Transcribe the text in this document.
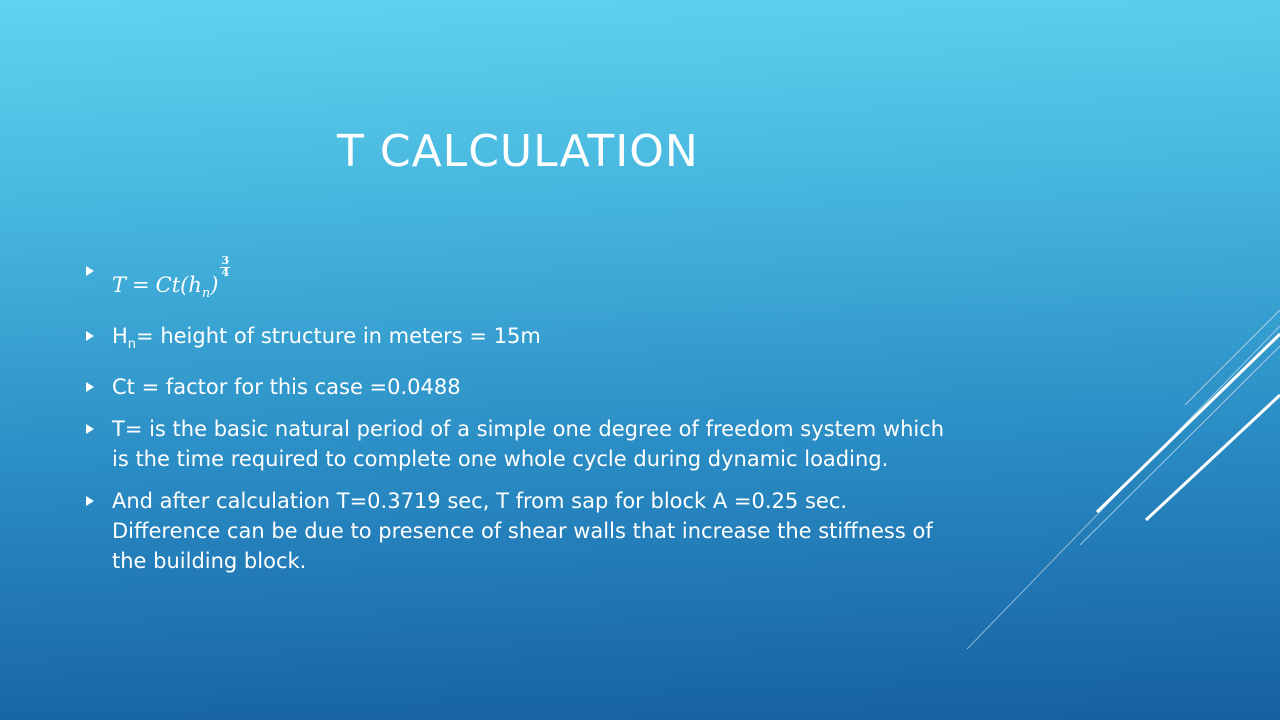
T CALCULATION
$T = Ct(h_n)$
$\frac{3}{4}$
$H_n=$ height of structure in meters = 15m
Ct = factor for this case =0.0488
T= is the basic natural period of a simple one degree of freedom system which is the time required to complete one whole cycle during dynamic loading.
And after calculation T=0.3719 sec, T from sap for block A =0.25 sec. Difference can be due to presence of shear walls that increase the stiffness of the building block.
